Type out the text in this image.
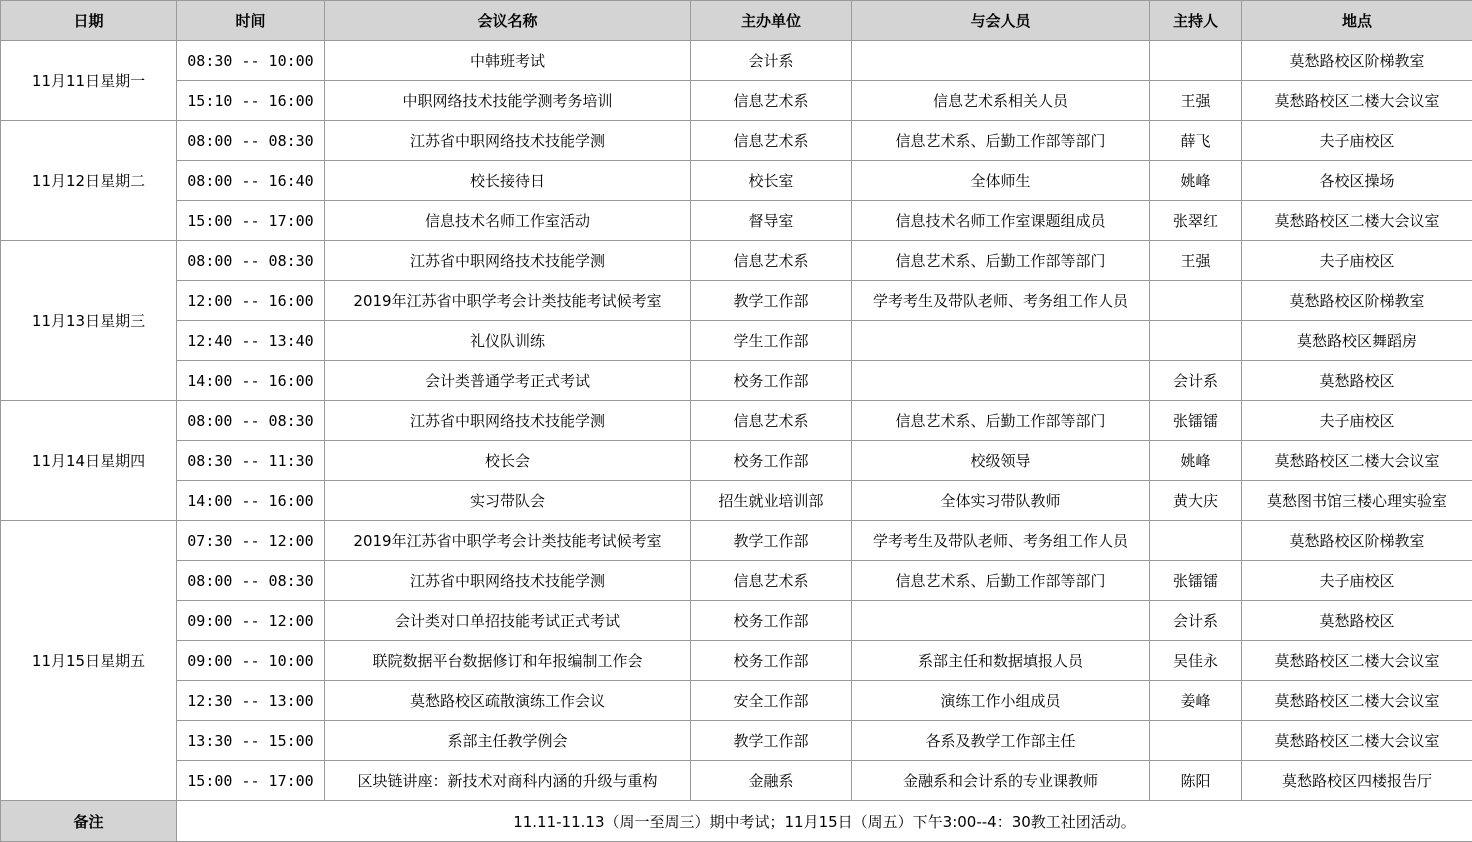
日期	时间	会议名称	主办单位	与会人员	主持人	地点
11月11日星期一	08:30 -- 10:00	中韩班考试	会计系			莫愁路校区阶梯教室
	15:10 -- 16:00	中职网络技术技能学测考务培训	信息艺术系	信息艺术系相关人员	王强	莫愁路校区二楼大会议室
11月12日星期二	08:00 -- 08:30	江苏省中职网络技术技能学测	信息艺术系	信息艺术系、后勤工作部等部门	薛飞	夫子庙校区
	08:00 -- 16:40	校长接待日	校长室	全体师生	姚峰	各校区操场
	15:00 -- 17:00	信息技术名师工作室活动	督导室	信息技术名师工作室课题组成员	张翠红	莫愁路校区二楼大会议室
11月13日星期三	08:00 -- 08:30	江苏省中职网络技术技能学测	信息艺术系	信息艺术系、后勤工作部等部门	王强	夫子庙校区
	12:00 -- 16:00	2019年江苏省中职学考会计类技能考试候考室	教学工作部	学考考生及带队老师、考务组工作人员		莫愁路校区阶梯教室
	12:40 -- 13:40	礼仪队训练	学生工作部			莫愁路校区舞蹈房
	14:00 -- 16:00	会计类普通学考正式考试	校务工作部		会计系	莫愁路校区
11月14日星期四	08:00 -- 08:30	江苏省中职网络技术技能学测	信息艺术系	信息艺术系、后勤工作部等部门	张镭镭	夫子庙校区
	08:30 -- 11:30	校长会	校务工作部	校级领导	姚峰	莫愁路校区二楼大会议室
	14:00 -- 16:00	实习带队会	招生就业培训部	全体实习带队教师	黄大庆	莫愁图书馆三楼心理实验室
11月15日星期五	07:30 -- 12:00	2019年江苏省中职学考会计类技能考试候考室	教学工作部	学考考生及带队老师、考务组工作人员		莫愁路校区阶梯教室
	08:00 -- 08:30	江苏省中职网络技术技能学测	信息艺术系	信息艺术系、后勤工作部等部门	张镭镭	夫子庙校区
	09:00 -- 12:00	会计类对口单招技能考试正式考试	校务工作部		会计系	莫愁路校区
	09:00 -- 10:00	联院数据平台数据修订和年报编制工作会	校务工作部	系部主任和数据填报人员	吴佳永	莫愁路校区二楼大会议室
	12:30 -- 13:00	莫愁路校区疏散演练工作会议	安全工作部	演练工作小组成员	姜峰	莫愁路校区二楼大会议室
	13:30 -- 15:00	系部主任教学例会	教学工作部	各系及教学工作部主任		莫愁路校区二楼大会议室
	15:00 -- 17:00	区块链讲座：新技术对商科内涵的升级与重构	金融系	金融系和会计系的专业课教师	陈阳	莫愁路校区四楼报告厅
备注	11.11-11.13（周一至周三）期中考试；11月15日（周五）下午3:00--4：30教工社团活动。					
